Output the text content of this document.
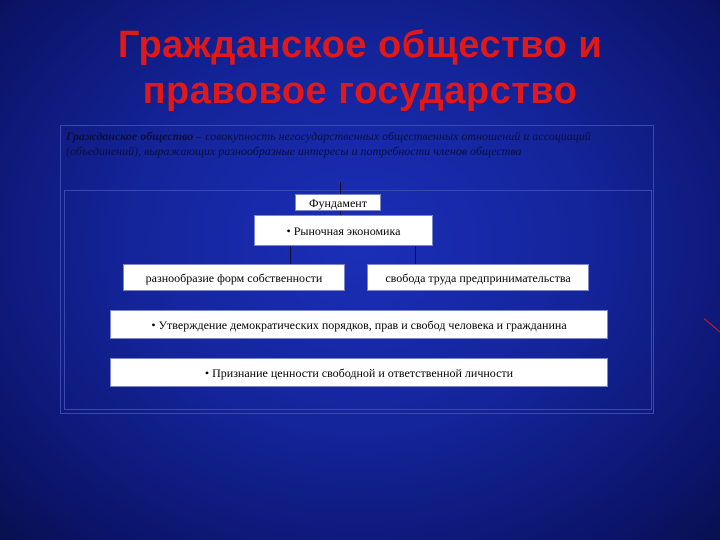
Гражданское общество и
правовое государство
Гражданское общество – совокупность негосударственных общественных отношений и ассоциаций (объединений), выражающих разнообразные интересы и потребности членов общества
Фундамент
• Рыночная экономика
разнообразие форм собственности	свобода труда предпринимательства
• Утверждение демократических порядков, прав и свобод человека и гражданина
• Признание ценности свободной и ответственной личности
